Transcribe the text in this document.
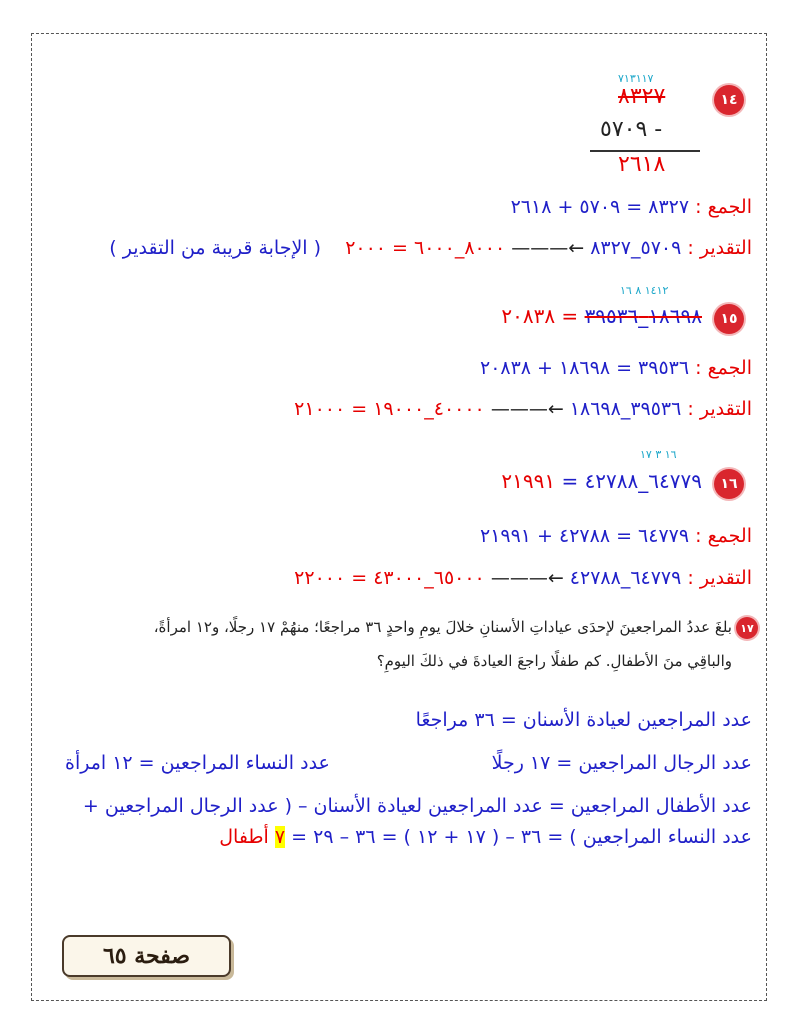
١٤
٧١٣١١٧
٨٣٢٧
٥٧٠٩ -
٢٦١٨
الجمع : ٨٣٢٧ = ٥٧٠٩ + ٢٦١٨
التقدير : ٥٧٠٩_٨٣٢٧ ←——— ٨٠٠٠_٦٠٠٠ = ٢٠٠٠    ( الإجابة قريبة من التقدير )
١٥
١٤١٢ ٨ ١٦
١٨٦٩٨_٣٩٥٣٦ = ٢٠٨٣٨
الجمع : ٣٩٥٣٦ = ١٨٦٩٨ + ٢٠٨٣٨
التقدير : ٣٩٥٣٦_١٨٦٩٨ ←——— ٤٠٠٠٠_١٩٠٠٠ = ٢١٠٠٠
١٦
١٦ ٣ ١٧
٦٤٧٧٩_٤٢٧٨٨ = ٢١٩٩١
الجمع : ٦٤٧٧٩ = ٤٢٧٨٨ + ٢١٩٩١
التقدير : ٦٤٧٧٩_٤٢٧٨٨ ←——— ٦٥٠٠٠_٤٣٠٠٠ = ٢٢٠٠٠
١٧
بلغَ عددُ المراجعينَ لإحدَى عياداتِ الأسنانِ خلالَ يومِ واحدٍ ٣٦ مراجعًا؛ منهُمْ ١٧ رجلًا، و١٢ امرأةً،
والباقِي منَ الأطفالِ. كم طفلًا راجعَ العيادةَ في ذلكَ اليومِ؟
عدد المراجعين لعيادة الأسنان = ٣٦ مراجعًا
عدد الرجال المراجعين = ١٧ رجلًا
عدد النساء المراجعين = ١٢ امرأة
عدد الأطفال المراجعين = عدد المراجعين لعيادة الأسنان – ( عدد الرجال المراجعين +
عدد النساء المراجعين ) = ٣٦ – ( ١٧ + ١٢ ) = ٣٦ – ٢٩ = ٧ أطفال
صفحة ٦٥
